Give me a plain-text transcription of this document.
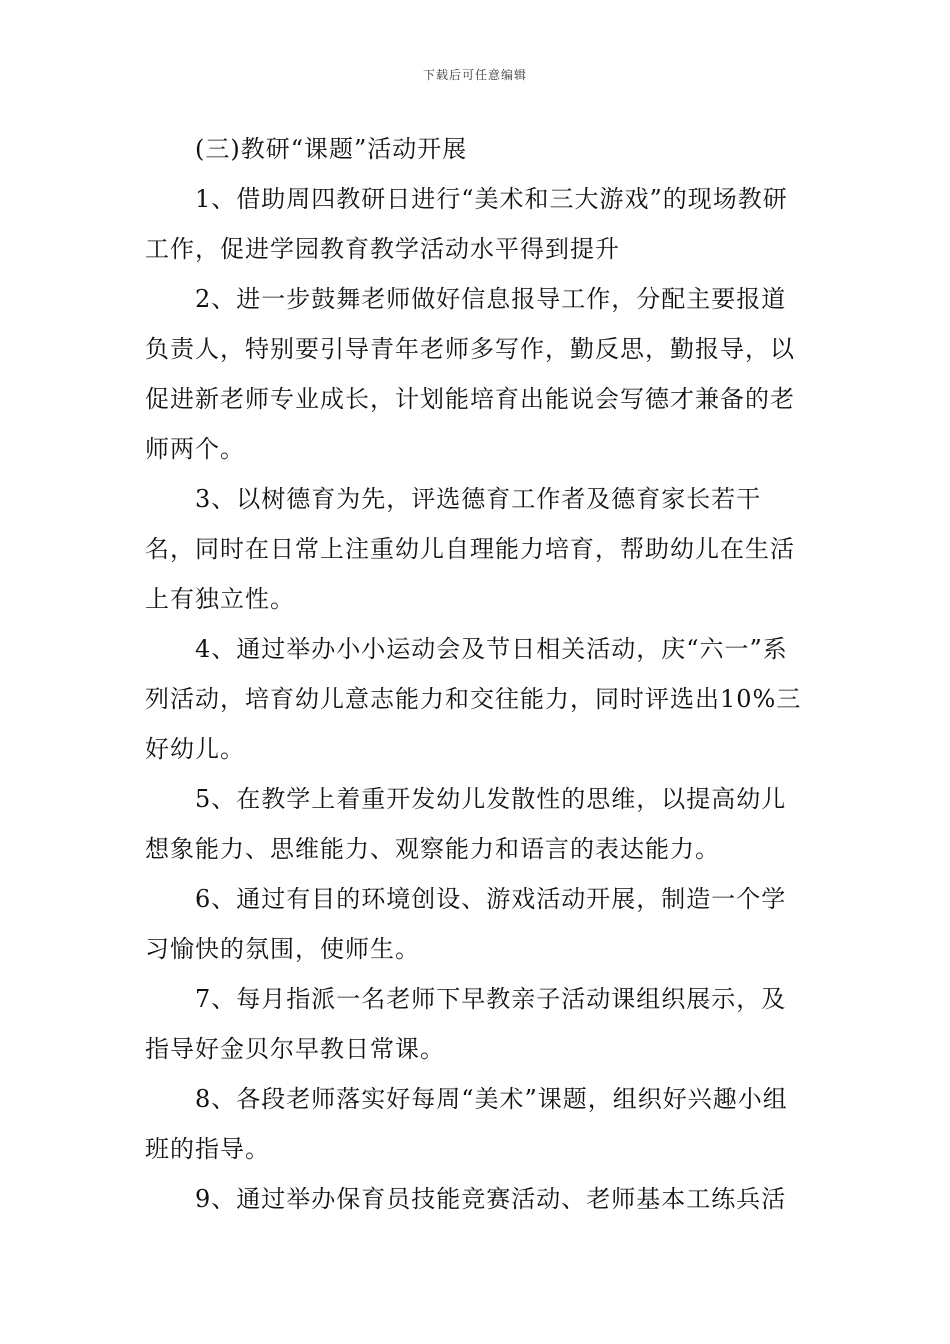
下载后可任意编辑

(三)教研“课题”活动开展

1、借助周四教研日进行“美术和三大游戏”的现场教研工作，促进学园教育教学活动水平得到提升

2、进一步鼓舞老师做好信息报导工作，分配主要报道负责人，特别要引导青年老师多写作，勤反思，勤报导，以促进新老师专业成长，计划能培育出能说会写德才兼备的老师两个。

3、以树德育为先，评选德育工作者及德育家长若干名，同时在日常上注重幼儿自理能力培育，帮助幼儿在生活上有独立性。

4、通过举办小小运动会及节日相关活动，庆“六一”系列活动，培育幼儿意志能力和交往能力，同时评选出10%三好幼儿。

5、在教学上着重开发幼儿发散性的思维，以提高幼儿想象能力、思维能力、观察能力和语言的表达能力。

6、通过有目的环境创设、游戏活动开展，制造一个学习愉快的氛围，使师生。

7、每月指派一名老师下早教亲子活动课组织展示，及指导好金贝尔早教日常课。

8、各段老师落实好每周“美术”课题，组织好兴趣小组班的指导。

9、通过举办保育员技能竞赛活动、老师基本工练兵活
